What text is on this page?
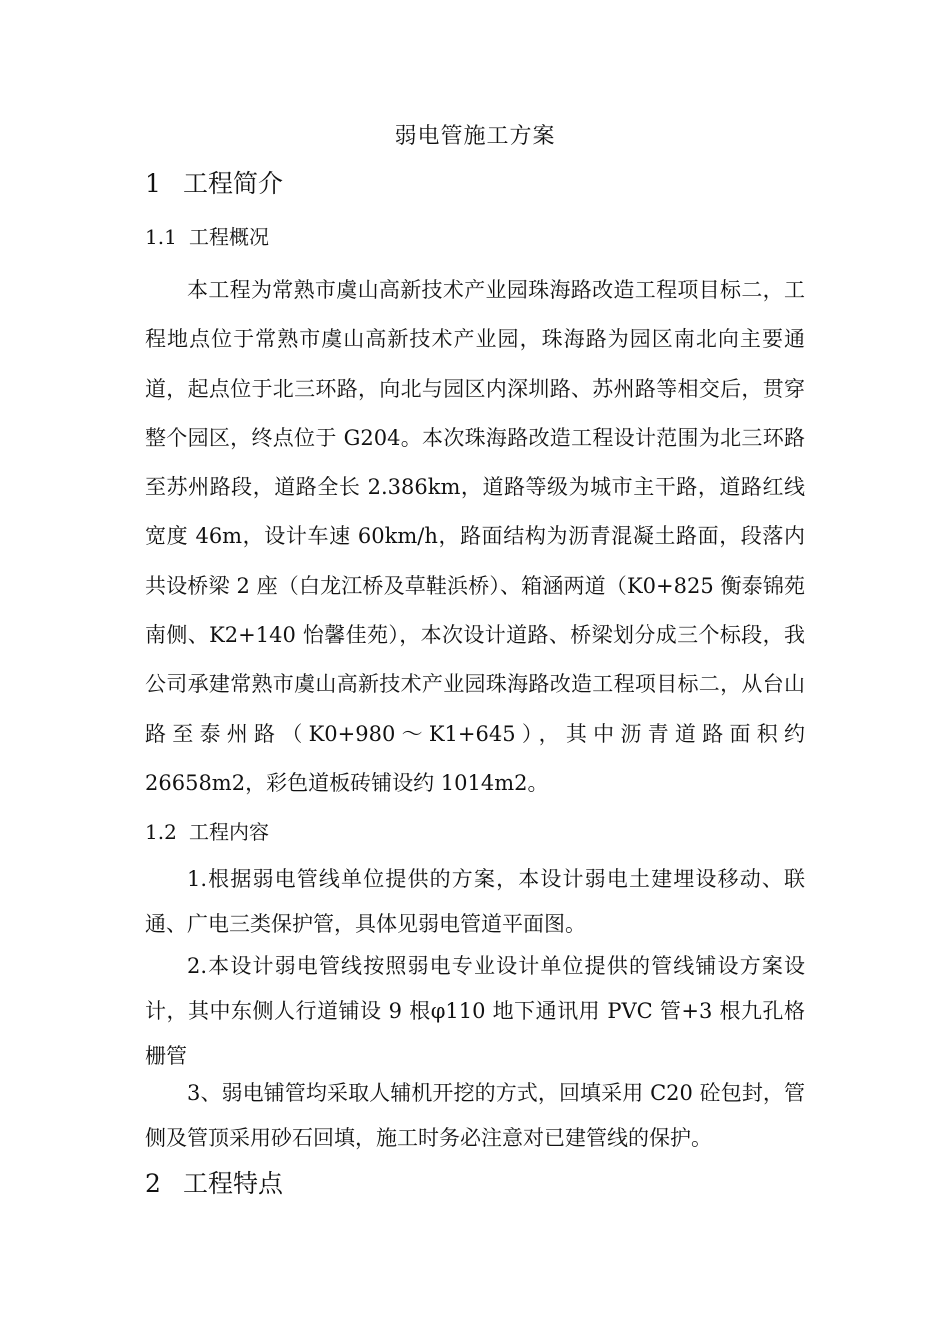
弱电管施工方案
1 工程简介
1.1 工程概况

本工程为常熟市虞山高新技术产业园珠海路改造工程项目标二，工程地点位于常熟市虞山高新技术产业园，珠海路为园区南北向主要通道，起点位于北三环路，向北与园区内深圳路、苏州路等相交后，贯穿整个园区，终点位于 G204。本次珠海路改造工程设计范围为北三环路至苏州路段，道路全长 2.386km，道路等级为城市主干路，道路红线宽度 46m，设计车速 60km/h，路面结构为沥青混凝土路面，段落内共设桥梁 2 座（白龙江桥及草鞋浜桥）、箱涵两道（K0+825 衡泰锦苑南侧、K2+140 怡馨佳苑），本次设计道路、桥梁划分成三个标段，我公司承建常熟市虞山高新技术产业园珠海路改造工程项目标二，从台山路至泰州路（K0+980～K1+645），其中沥青道路面积约 26658m2，彩色道板砖铺设约 1014m2。

1.2 工程内容

1.根据弱电管线单位提供的方案，本设计弱电土建埋设移动、联通、广电三类保护管，具体见弱电管道平面图。

2.本设计弱电管线按照弱电专业设计单位提供的管线铺设方案设计，其中东侧人行道铺设 9 根φ110 地下通讯用 PVC 管+3 根九孔格栅管

3、弱电铺管均采取人辅机开挖的方式，回填采用 C20 砼包封，管侧及管顶采用砂石回填，施工时务必注意对已建管线的保护。

2 工程特点
